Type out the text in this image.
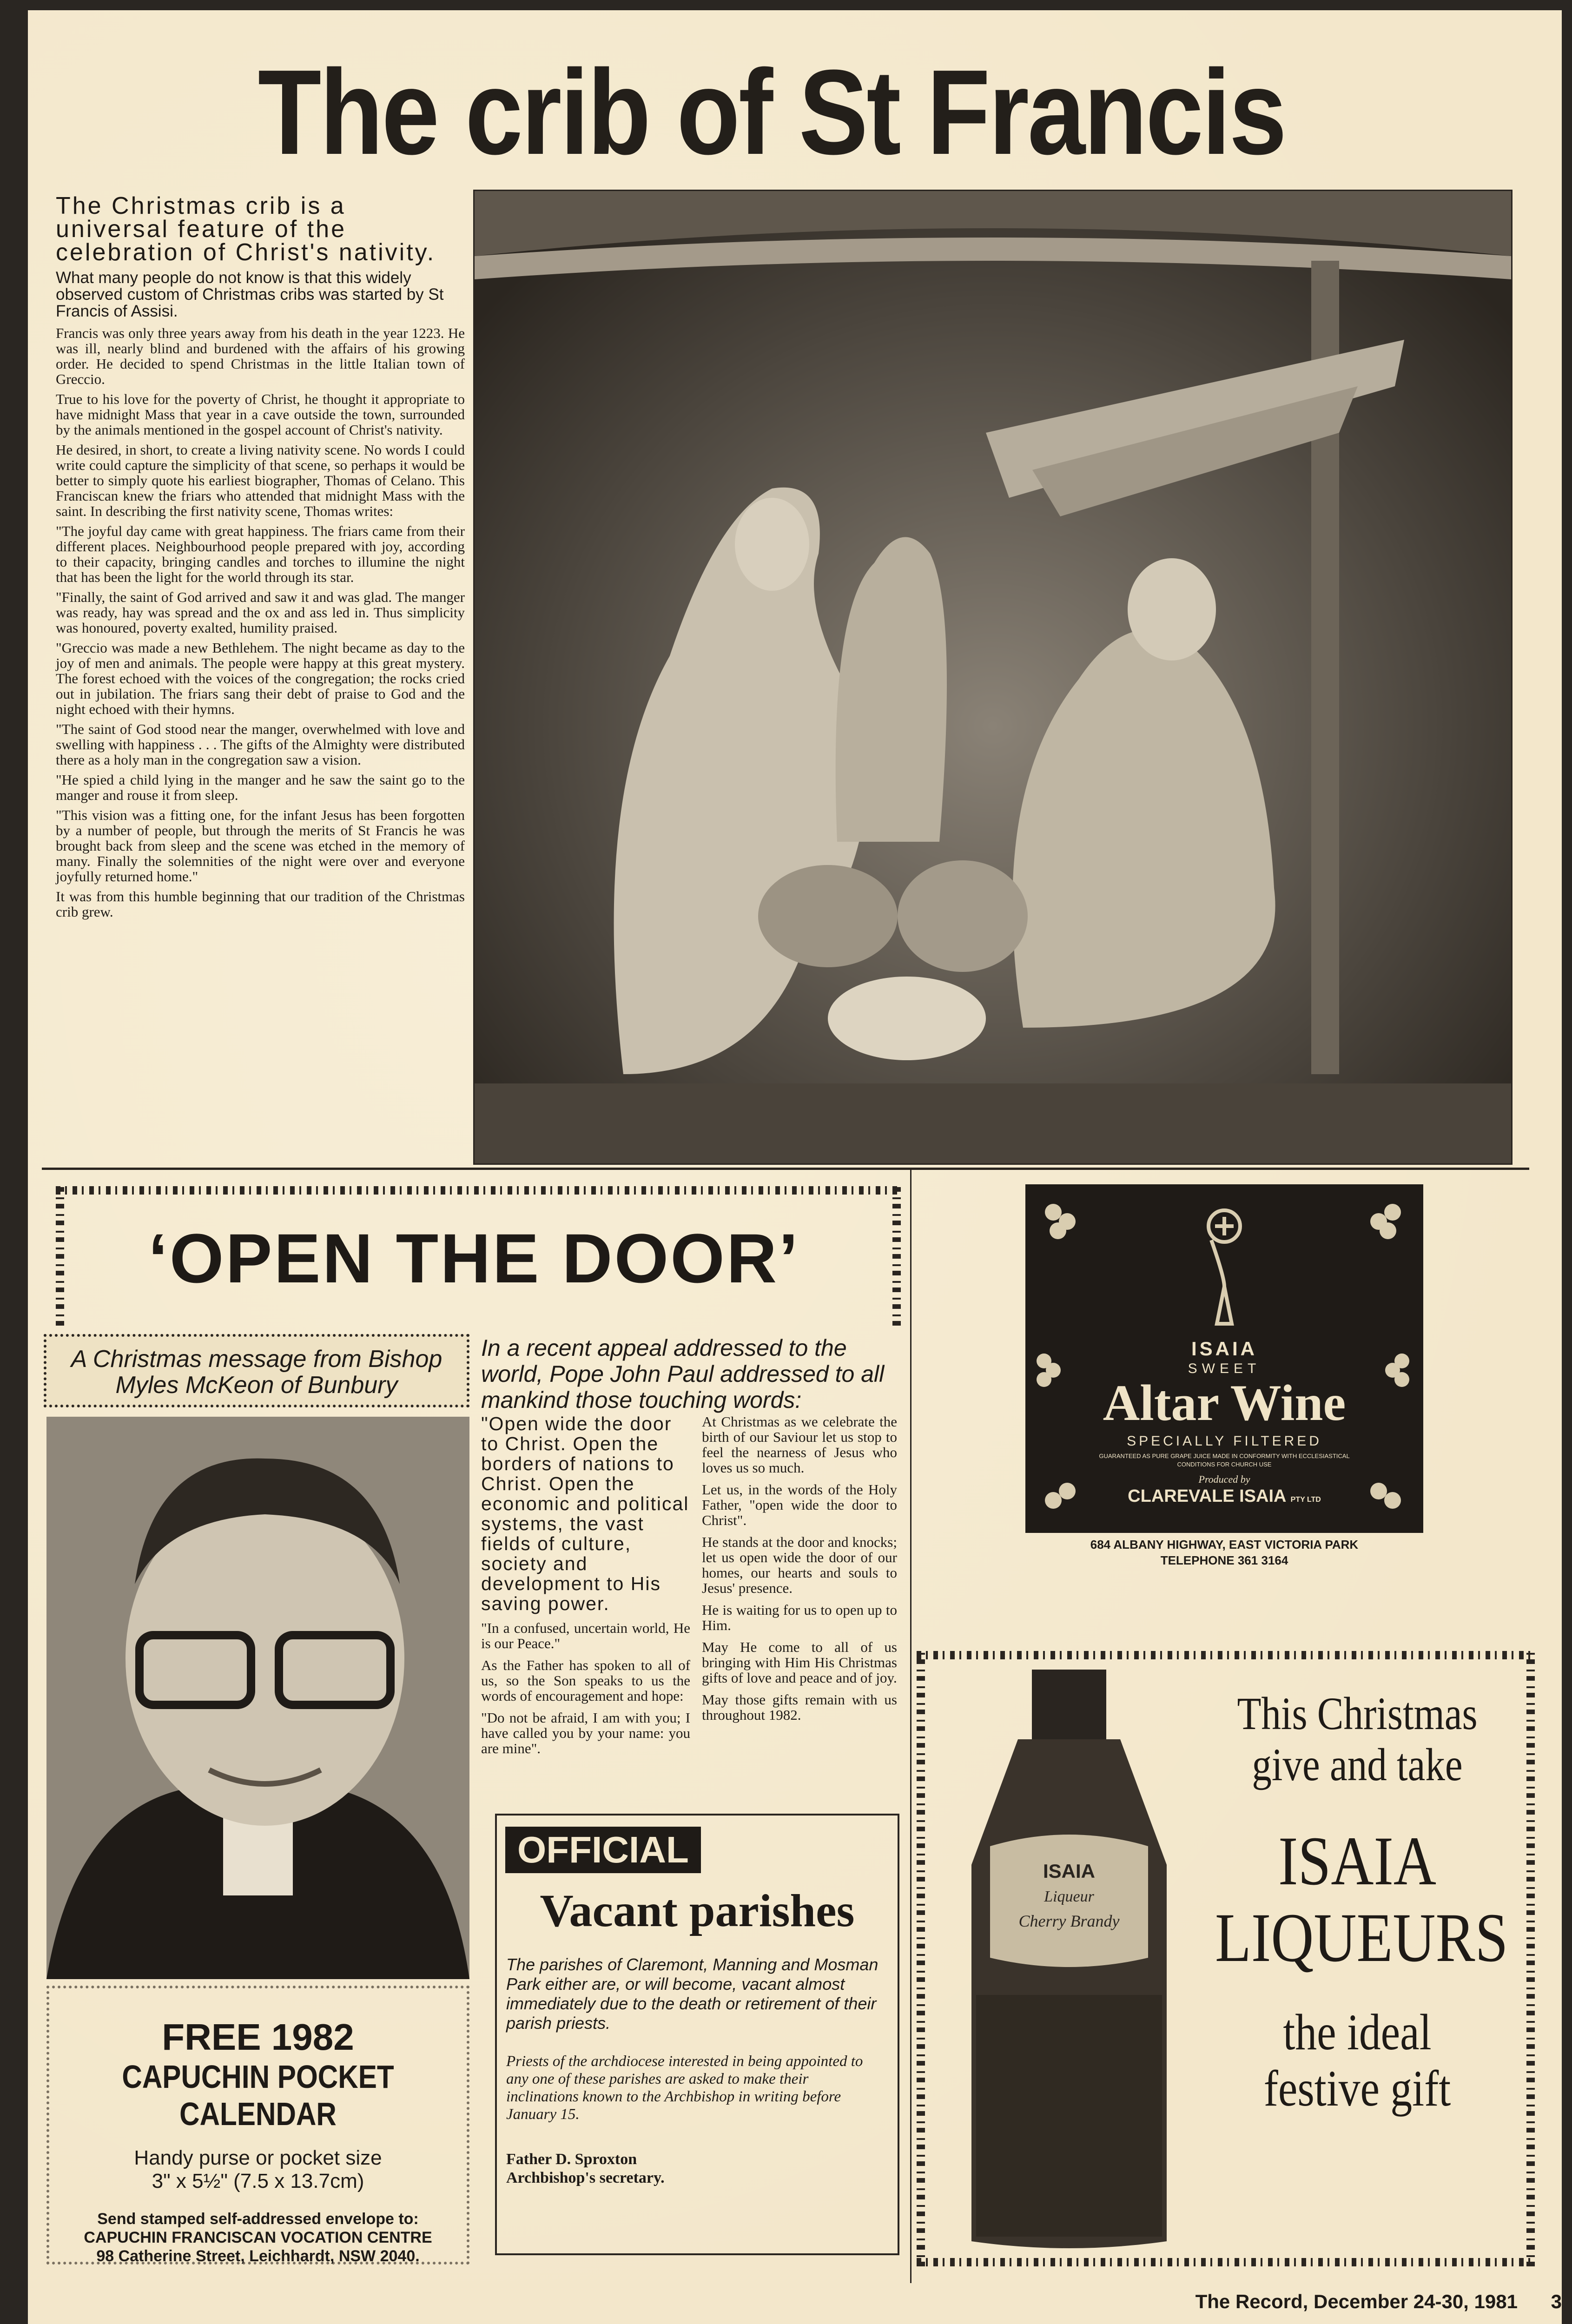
The crib of St Francis

The Christmas crib is a universal feature of the celebration of Christ's nativity.

What many people do not know is that this widely observed custom of Christmas cribs was started by St Francis of Assisi.

Francis was only three years away from his death in the year 1223. He was ill, nearly blind and burdened with the affairs of his growing order. He decided to spend Christmas in the little Italian town of Greccio.

True to his love for the poverty of Christ, he thought it appropriate to have midnight Mass that year in a cave outside the town, surrounded by the animals mentioned in the gospel account of Christ's nativity.

He desired, in short, to create a living nativity scene. No words I could write could capture the simplicity of that scene, so perhaps it would be better to simply quote his earliest biographer, Thomas of Celano. This Franciscan knew the friars who attended that midnight Mass with the saint. In describing the first nativity scene, Thomas writes:

"The joyful day came with great happiness. The friars came from their different places. Neighbourhood people prepared with joy, according to their capacity, bringing candles and torches to illumine the night that has been the light for the world through its star.

"Finally, the saint of God arrived and saw it and was glad. The manger was ready, hay was spread and the ox and ass led in. Thus simplicity was honoured, poverty exalted, humility praised.

"Greccio was made a new Bethlehem. The night became as day to the joy of men and animals. The people were happy at this great mystery. The forest echoed with the voices of the congregation; the rocks cried out in jubilation. The friars sang their debt of praise to God and the night echoed with their hymns.

"The saint of God stood near the manger, overwhelmed with love and swelling with happiness . . . The gifts of the Almighty were distributed there as a holy man in the congregation saw a vision.

"He spied a child lying in the manger and he saw the saint go to the manger and rouse it from sleep.

"This vision was a fitting one, for the infant Jesus has been forgotten by a number of people, but through the merits of St Francis he was brought back from sleep and the scene was etched in the memory of many. Finally the solemnities of the night were over and everyone joyfully returned home."

It was from this humble beginning that our tradition of the Christmas crib grew.

‘OPEN THE DOOR’
A Christmas message from Bishop Myles McKeon of Bunbury
FREE 1982
CAPUCHIN POCKET CALENDAR
Handy purse or pocket size
3" x 5½" (7.5 x 13.7cm)
Send stamped self-addressed envelope to:
CAPUCHIN FRANCISCAN VOCATION CENTRE
98 Catherine Street, Leichhardt, NSW 2040.
In a recent appeal addressed to the world, Pope John Paul addressed to all mankind those touching words:

"Open wide the door to Christ. Open the borders of nations to Christ. Open the economic and political systems, the vast fields of culture, society and development to His saving power.

"In a confused, uncertain world, He is our Peace."

As the Father has spoken to all of us, so the Son speaks to us the words of encouragement and hope:

"Do not be afraid, I am with you; I have called you by your name: you are mine".

At Christmas as we celebrate the birth of our Saviour let us stop to feel the nearness of Jesus who loves us so much.

Let us, in the words of the Holy Father, "open wide the door to Christ".

He stands at the door and knocks; let us open wide the door of our homes, our hearts and souls to Jesus' presence.

He is waiting for us to open up to Him.

May He come to all of us bringing with Him His Christmas gifts of love and peace and of joy.

May those gifts remain with us throughout 1982.

OFFICIAL
Vacant parishes

The parishes of Claremont, Manning and Mosman Park either are, or will become, vacant almost immediately due to the death or retirement of their parish priests.

Priests of the archdiocese interested in being appointed to any one of these parishes are asked to make their inclinations known to the Archbishop in writing before January 15.

Father D. Sproxton
Archbishop's secretary.
ISAIA
SWEET
Altar Wine
SPECIALLY FILTERED
GUARANTEED AS PURE GRAPE JUICE MADE IN CONFORMITY WITH ECCLESIASTICAL CONDITIONS FOR CHURCH USE
Produced by
CLAREVALE ISAIA PTY LTD
684 ALBANY HIGHWAY, EAST VICTORIA PARK
TELEPHONE 361 3164
ISAIA
Liqueur
Cherry Brandy
This Christmas
give and take
ISAIA
LIQUEURS
the ideal
festive gift
The Record, December 24-30, 1981 3
